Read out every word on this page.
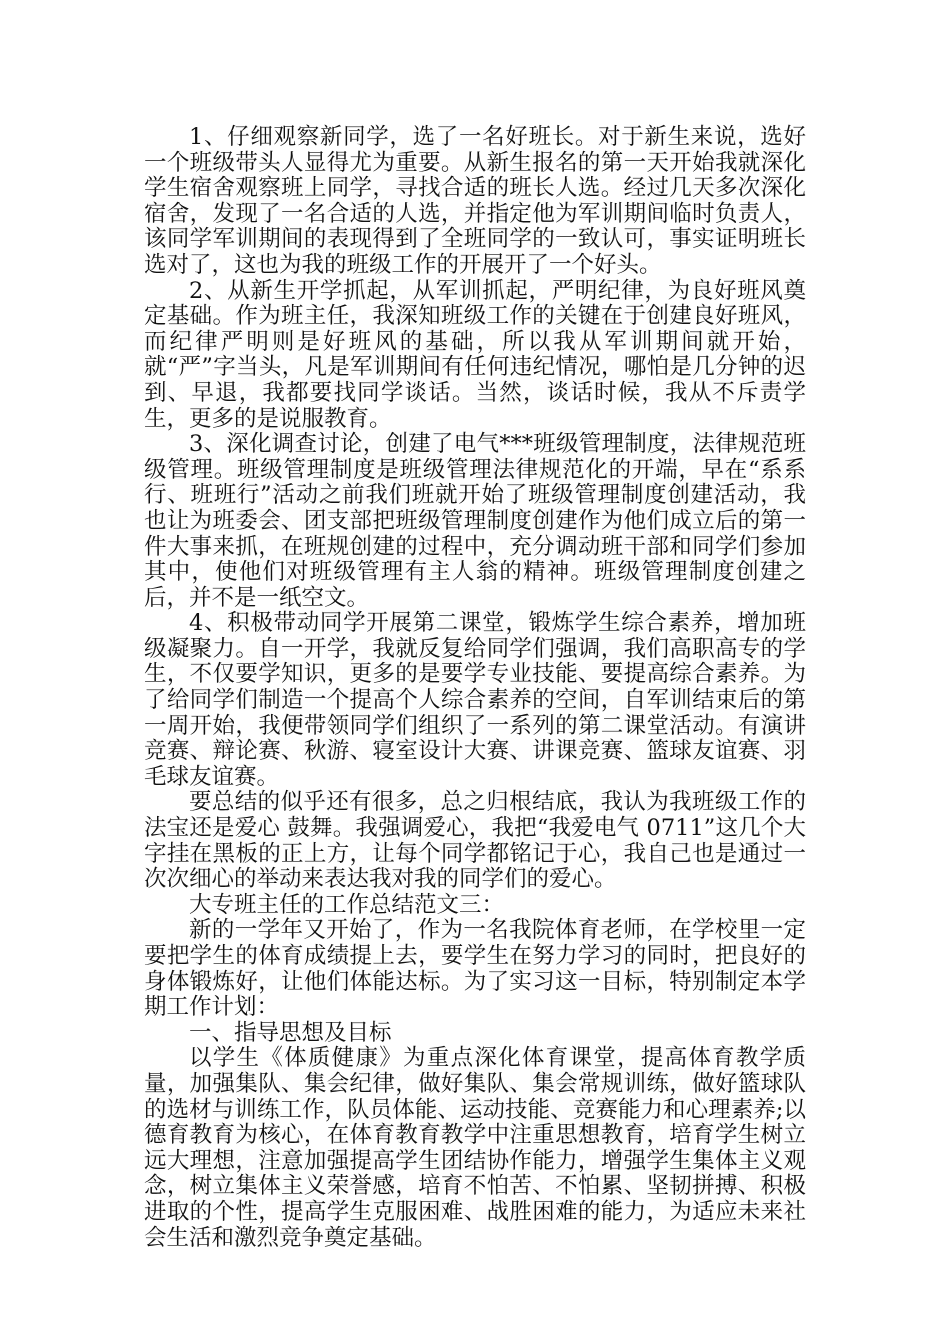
1、仔细观察新同学，选了一名好班长。对于新生来说，选好一个班级带头人显得尤为重要。从新生报名的第一天开始我就深化学生宿舍观察班上同学，寻找合适的班长人选。经过几天多次深化宿舍，发现了一名合适的人选，并指定他为军训期间临时负责人，该同学军训期间的表现得到了全班同学的一致认可，事实证明班长选对了，这也为我的班级工作的开展开了一个好头。

2、从新生开学抓起，从军训抓起，严明纪律，为良好班风奠定基础。作为班主任，我深知班级工作的关键在于创建良好班风，而纪律严明则是好班风的基础，所以我从军训期间就开始，就“严”字当头，凡是军训期间有任何违纪情况，哪怕是几分钟的迟到、早退，我都要找同学谈话。当然，谈话时候，我从不斥责学生，更多的是说服教育。

3、深化调查讨论，创建了电气***班级管理制度，法律规范班级管理。班级管理制度是班级管理法律规范化的开端，早在“系系行、班班行”活动之前我们班就开始了班级管理制度创建活动，我也让为班委会、团支部把班级管理制度创建作为他们成立后的第一件大事来抓，在班规创建的过程中，充分调动班干部和同学们参加其中，使他们对班级管理有主人翁的精神。班级管理制度创建之后，并不是一纸空文。

4、积极带动同学开展第二课堂，锻炼学生综合素养，增加班级凝聚力。自一开学，我就反复给同学们强调，我们高职高专的学生，不仅要学知识，更多的是要学专业技能、要提高综合素养。为了给同学们制造一个提高个人综合素养的空间，自军训结束后的第一周开始，我便带领同学们组织了一系列的第二课堂活动。有演讲竞赛、辩论赛、秋游、寝室设计大赛、讲课竞赛、篮球友谊赛、羽毛球友谊赛。

要总结的似乎还有很多，总之归根结底，我认为我班级工作的法宝还是爱心 鼓舞。我强调爱心，我把“我爱电气 0711”这几个大字挂在黑板的正上方，让每个同学都铭记于心，我自己也是通过一次次细心的举动来表达我对我的同学们的爱心。

大专班主任的工作总结范文三：

新的一学年又开始了，作为一名我院体育老师，在学校里一定要把学生的体育成绩提上去，要学生在努力学习的同时，把良好的身体锻炼好，让他们体能达标。为了实习这一目标，特别制定本学期工作计划：

一、指导思想及目标

以学生《体质健康》为重点深化体育课堂，提高体育教学质量，加强集队、集会纪律，做好集队、集会常规训练，做好篮球队的选材与训练工作，队员体能、运动技能、竞赛能力和心理素养;以德育教育为核心，在体育教育教学中注重思想教育，培育学生树立远大理想，注意加强提高学生团结协作能力，增强学生集体主义观念，树立集体主义荣誉感，培育不怕苦、不怕累、坚韧拼搏、积极进取的个性，提高学生克服困难、战胜困难的能力，为适应未来社会生活和激烈竞争奠定基础。
